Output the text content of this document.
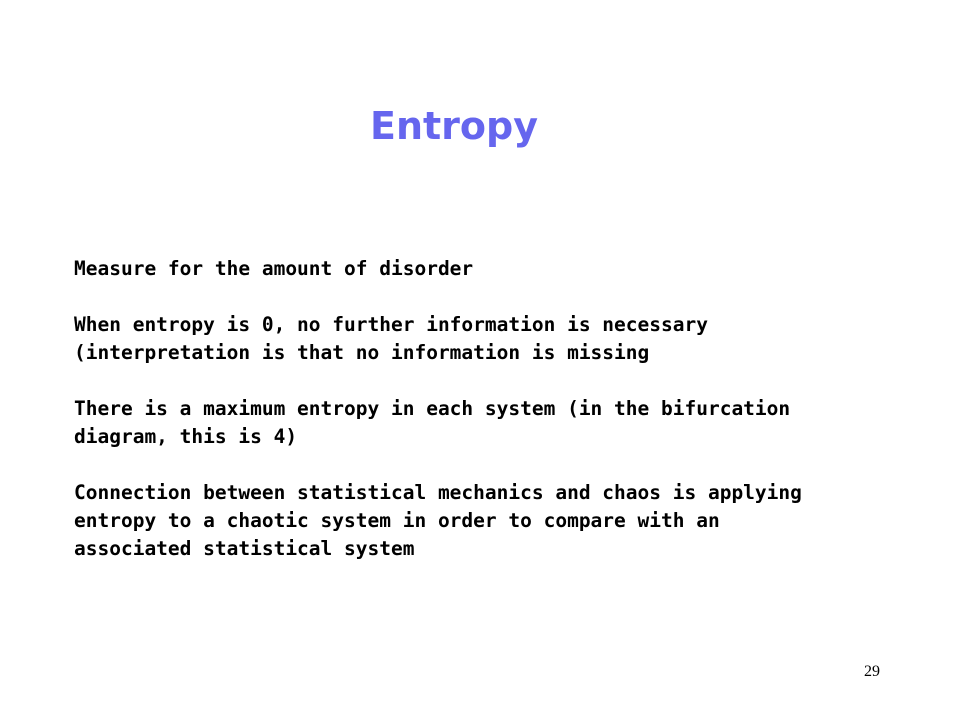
Entropy

Measure for the amount of disorder

When entropy is 0, no further information is necessary
(interpretation is that no information is missing

There is a maximum entropy in each system (in the bifurcation
diagram, this is 4)

Connection between statistical mechanics and chaos is applying
entropy to a chaotic system in order to compare with an
associated statistical system

29
